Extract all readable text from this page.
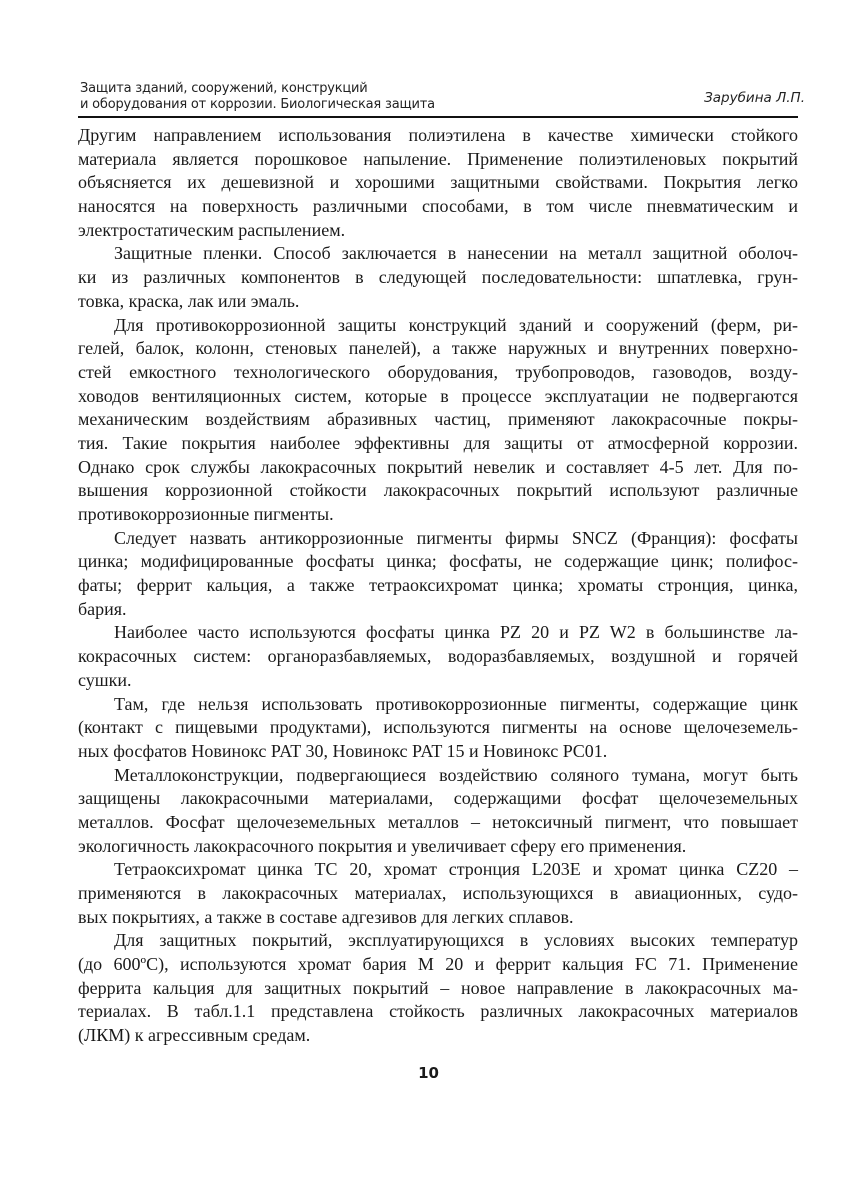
Защита зданий, сооружений, конструкций
и оборудования от коррозии. Биологическая защита	Зарубина Л.П.
Другим направлением использования полиэтилена в качестве химически стойкого
материала является порошковое напыление. Применение полиэтиленовых покрытий
объясняется их дешевизной и хорошими защитными свойствами. Покрытия легко
наносятся на поверхность различными способами, в том числе пневматическим и
электростатическим распылением.
Защитные пленки. Способ заключается в нанесении на металл защитной оболоч-
ки из различных компонентов в следующей последовательности: шпатлевка, грун-
товка, краска, лак или эмаль.
Для противокоррозионной защиты конструкций зданий и сооружений (ферм, ри-
гелей, балок, колонн, стеновых панелей), а также наружных и внутренних поверхно-
стей емкостного технологического оборудования, трубопроводов, газоводов, возду-
ховодов вентиляционных систем, которые в процессе эксплуатации не подвергаются
механическим воздействиям абразивных частиц, применяют лакокрасочные покры-
тия. Такие покрытия наиболее эффективны для защиты от атмосферной коррозии.
Однако срок службы лакокрасочных покрытий невелик и составляет 4-5 лет. Для по-
вышения коррозионной стойкости лакокрасочных покрытий используют различные
противокоррозионные пигменты.
Следует назвать антикоррозионные пигменты фирмы SNCZ (Франция): фосфаты
цинка; модифицированные фосфаты цинка; фосфаты, не содержащие цинк; полифос-
фаты; феррит кальция, а также тетраоксихромат цинка; хроматы стронция, цинка,
бария.
Наиболее часто используются фосфаты цинка PZ 20 и PZ W2 в большинстве ла-
кокрасочных систем: органоразбавляемых, водоразбавляемых, воздушной и горячей
сушки.
Там, где нельзя использовать противокоррозионные пигменты, содержащие цинк
(контакт с пищевыми продуктами), используются пигменты на основе щелочеземель-
ных фосфатов Новинокс PAT 30, Новинокс PAT 15 и Новинокс PC01.
Металлоконструкции, подвергающиеся воздействию соляного тумана, могут быть
защищены лакокрасочными материалами, содержащими фосфат щелочеземельных
металлов. Фосфат щелочеземельных металлов – нетоксичный пигмент, что повышает
экологичность лакокрасочного покрытия и увеличивает сферу его применения.
Тетраоксихромат цинка TC 20, хромат стронция L203E и хромат цинка CZ20 –
применяются в лакокрасочных материалах, использующихся в авиационных, судо-
вых покрытиях, а также в составе адгезивов для легких сплавов.
Для защитных покрытий, эксплуатирующихся в условиях высоких температур
(до 600ºC), используются хромат бария M 20 и феррит кальция FC 71. Применение
феррита кальция для защитных покрытий – новое направление в лакокрасочных ма-
териалах. В табл.1.1 представлена стойкость различных лакокрасочных материалов
(ЛКМ) к агрессивным средам.
10
